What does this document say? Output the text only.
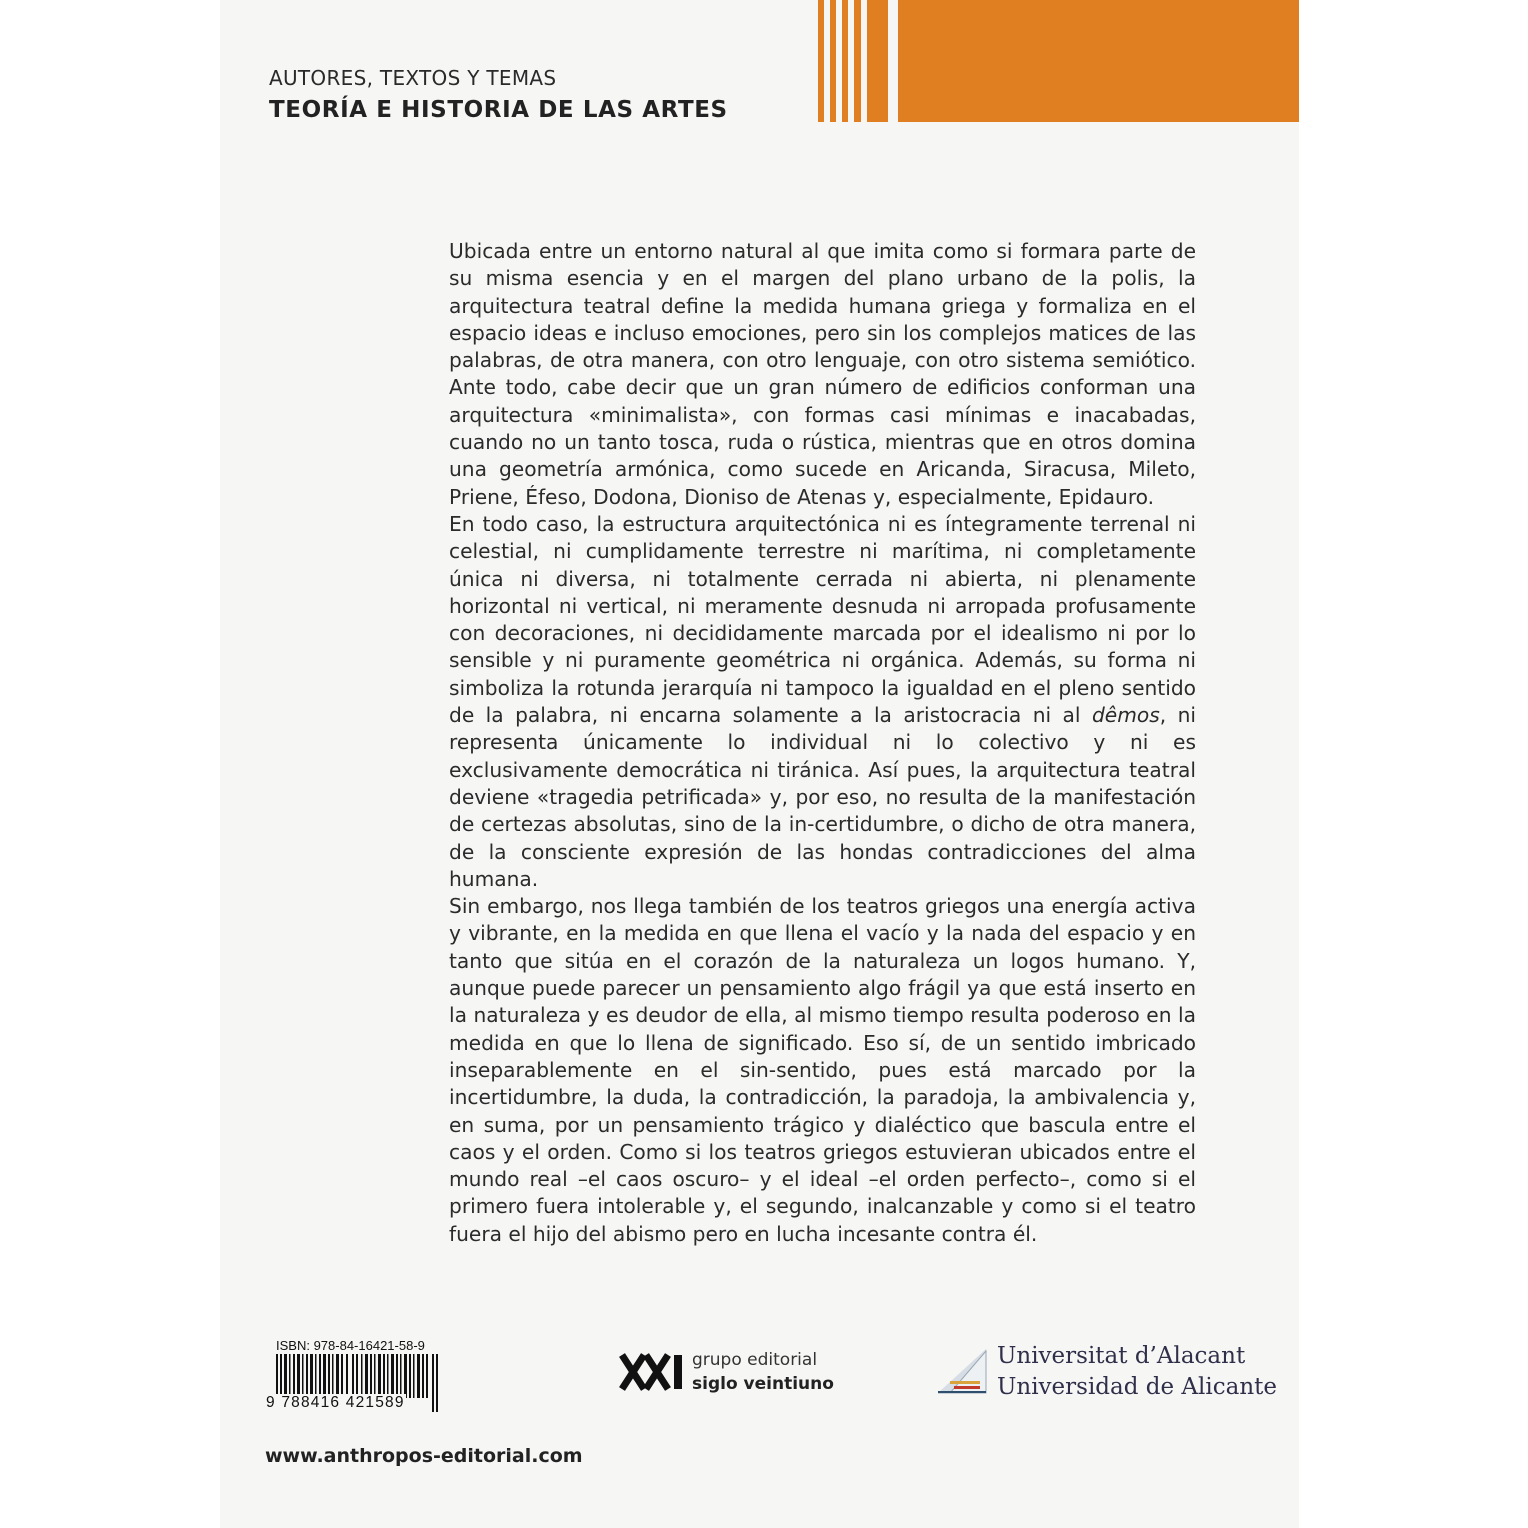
AUTORES, TEXTOS Y TEMAS
TEORÍA E HISTORIA DE LAS ARTES

Ubicada entre un entorno natural al que imita como si formara parte de su misma esencia y en el margen del plano urbano de la polis, la arquitectura teatral define la medida humana griega y formaliza en el espacio ideas e incluso emociones, pero sin los complejos matices de las palabras, de otra manera, con otro lenguaje, con otro sistema semiótico. Ante todo, cabe decir que un gran número de edificios conforman una arquitectura «minimalista», con formas casi mínimas e inacabadas, cuando no un tanto tosca, ruda o rústica, mientras que en otros domina una geometría armónica, como sucede en Aricanda, Siracusa, Mileto, Priene, Éfeso, Dodona, Dioniso de Atenas y, especialmente, Epidauro.

En todo caso, la estructura arquitectónica ni es íntegramente terrenal ni celestial, ni cumplidamente terrestre ni marítima, ni completamente única ni diversa, ni totalmente cerrada ni abierta, ni plenamente horizontal ni vertical, ni meramente desnuda ni arropada profusamente con decoraciones, ni decididamente marcada por el idealismo ni por lo sensible y ni puramente geométrica ni orgánica. Además, su forma ni simboliza la rotunda jerarquía ni tampoco la igualdad en el pleno sentido de la palabra, ni encarna solamente a la aristocracia ni al dêmos, ni representa únicamente lo individual ni lo colectivo y ni es exclusivamente democrática ni tiránica. Así pues, la arquitectura teatral deviene «tragedia petrificada» y, por eso, no resulta de la manifestación de certezas absolutas, sino de la in-certidumbre, o dicho de otra manera, de la consciente expresión de las hondas contradicciones del alma humana.

Sin embargo, nos llega también de los teatros griegos una energía activa y vibrante, en la medida en que llena el vacío y la nada del espacio y en tanto que sitúa en el corazón de la naturaleza un logos humano. Y, aunque puede parecer un pensamiento algo frágil ya que está inserto en la naturaleza y es deudor de ella, al mismo tiempo resulta poderoso en la medida en que lo llena de significado. Eso sí, de un sentido imbricado inseparablemente en el sin-sentido, pues está marcado por la incertidumbre, la duda, la contradicción, la paradoja, la ambivalencia y, en suma, por un pensamiento trágico y dialéctico que bascula entre el caos y el orden. Como si los teatros griegos estuvieran ubicados entre el mundo real –el caos oscuro– y el ideal –el orden perfecto–, como si el primero fuera intolerable y, el segundo, inalcanzable y como si el teatro fuera el hijo del abismo pero en lucha incesante contra él.

ISBN: 978-84-16421-58-9
9 788416 421589
www.anthropos-editorial.com
grupo editorial
siglo veintiuno
Universitat d’Alacant
Universidad de Alicante
